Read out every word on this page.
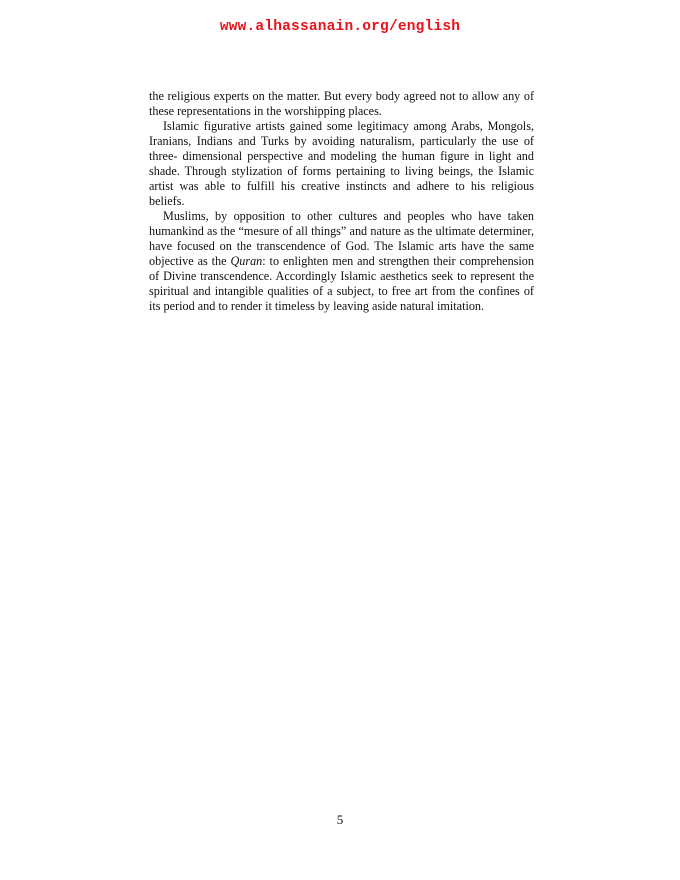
www.alhassanain.org/english

the religious experts on the matter. But every body agreed not to allow any of these representations in the worshipping places.

Islamic figurative artists gained some legitimacy among Arabs, Mongols, Iranians, Indians and Turks by avoiding naturalism, particularly the use of three- dimensional perspective and modeling the human figure in light and shade. Through stylization of forms pertaining to living beings, the Islamic artist was able to fulfill his creative instincts and adhere to his religious beliefs.

Muslims, by opposition to other cultures and peoples who have taken humankind as the “mesure of all things” and nature as the ultimate determiner, have focused on the transcendence of God. The Islamic arts have the same objective as the Quran: to enlighten men and strengthen their comprehension of Divine transcendence. Accordingly Islamic aesthetics seek to represent the spiritual and intangible qualities of a subject, to free art from the confines of its period and to render it timeless by leaving aside natural imitation.

5
